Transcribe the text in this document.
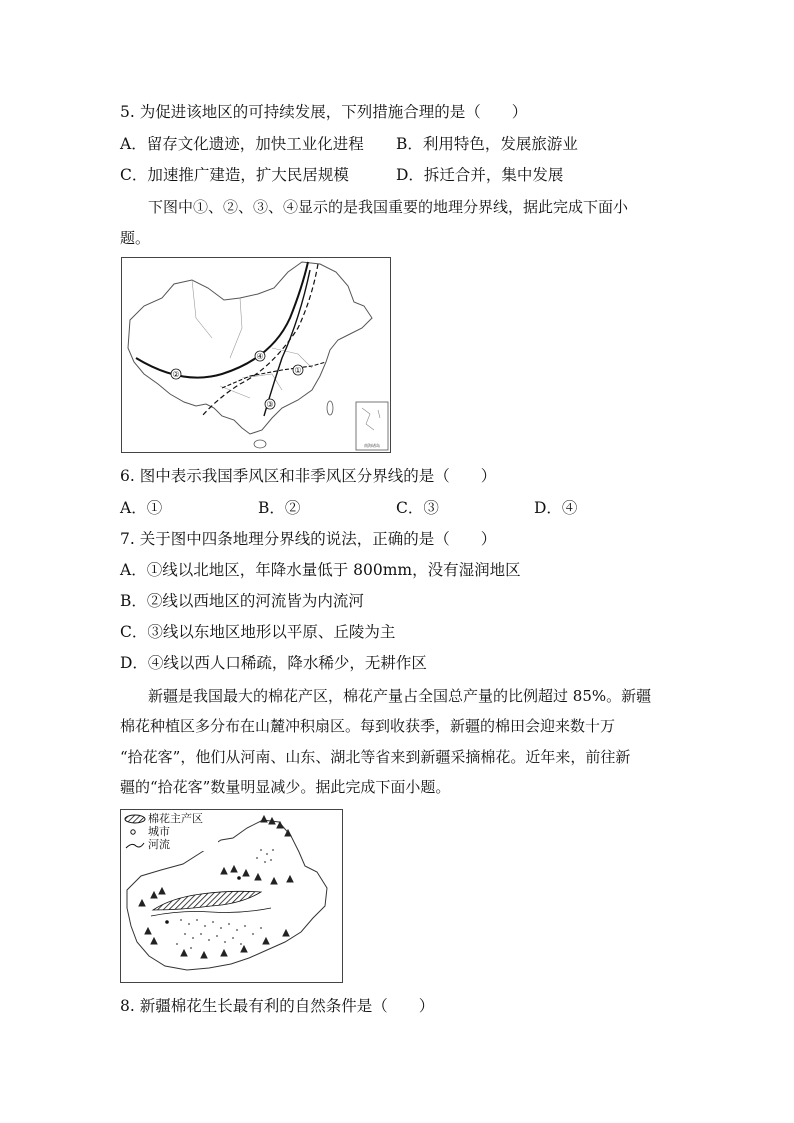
5. 为促进该地区的可持续发展，下列措施合理的是（　　）
A．留存文化遗迹，加快工业化进程 B．利用特色，发展旅游业
C．加速推广建造，扩大民居规模	D．拆迁合并，集中发展
下图中①、②、③、④显示的是我国重要的地理分界线，据此完成下面小
题。
②
④
①
③
南海诸岛
6. 图中表示我国季风区和非季风区分界线的是（　　）
A．①	B．②	C．③	D．④
7. 关于图中四条地理分界线的说法，正确的是（　　）
A．①线以北地区，年降水量低于 800mm，没有湿润地区
B．②线以西地区的河流皆为内流河
C．③线以东地区地形以平原、丘陵为主
D．④线以西人口稀疏，降水稀少，无耕作区
新疆是我国最大的棉花产区，棉花产量占全国总产量的比例超过 85%。新疆
棉花种植区多分布在山麓冲积扇区。每到收获季，新疆的棉田会迎来数十万
“拾花客”，他们从河南、山东、湖北等省来到新疆采摘棉花。近年来，前往新
疆的“拾花客”数量明显减少。据此完成下面小题。
棉花主产区
城市
河流
8. 新疆棉花生长最有利的自然条件是（　　）
